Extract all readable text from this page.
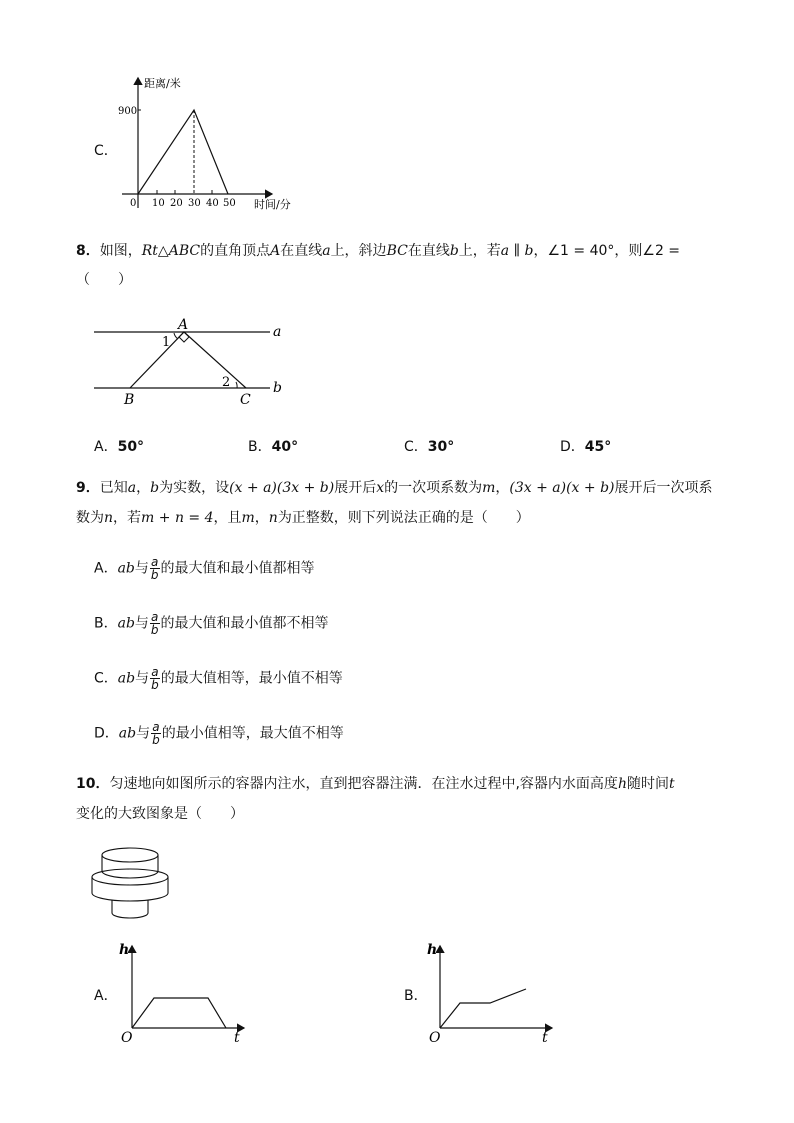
C．
900
距离/米
时间/分
0 10 20 30 40 50
8．如图，Rt△ABC的直角顶点A在直线a上，斜边BC在直线b上，若a ∥ b，∠1 = 40°，则∠2 =
（　　）
A
B	C
a
b
1
2
A．50°	B．40°	C．30°	D．45°
9．已知a，b为实数，设(x + a)(3x + b)展开后x的一次项系数为m，(3x + a)(x + b)展开后一次项系
数为n，若m + n = 4，且m，n为正整数，则下列说法正确的是（　　）
A．ab与 $\frac{a}{b}$ 的最大值和最小值都相等
B．ab与 $\frac{a}{b}$ 的最大值和最小值都不相等
C．ab与 $\frac{a}{b}$ 的最大值相等，最小值不相等
D．ab与 $\frac{a}{b}$ 的最小值相等，最大值不相等
10．匀速地向如图所示的容器内注水，直到把容器注满．在注水过程中,容器内水面高度h随时间t
变化的大致图象是（　　）
A．
h
t
O
B．
h
t
O
